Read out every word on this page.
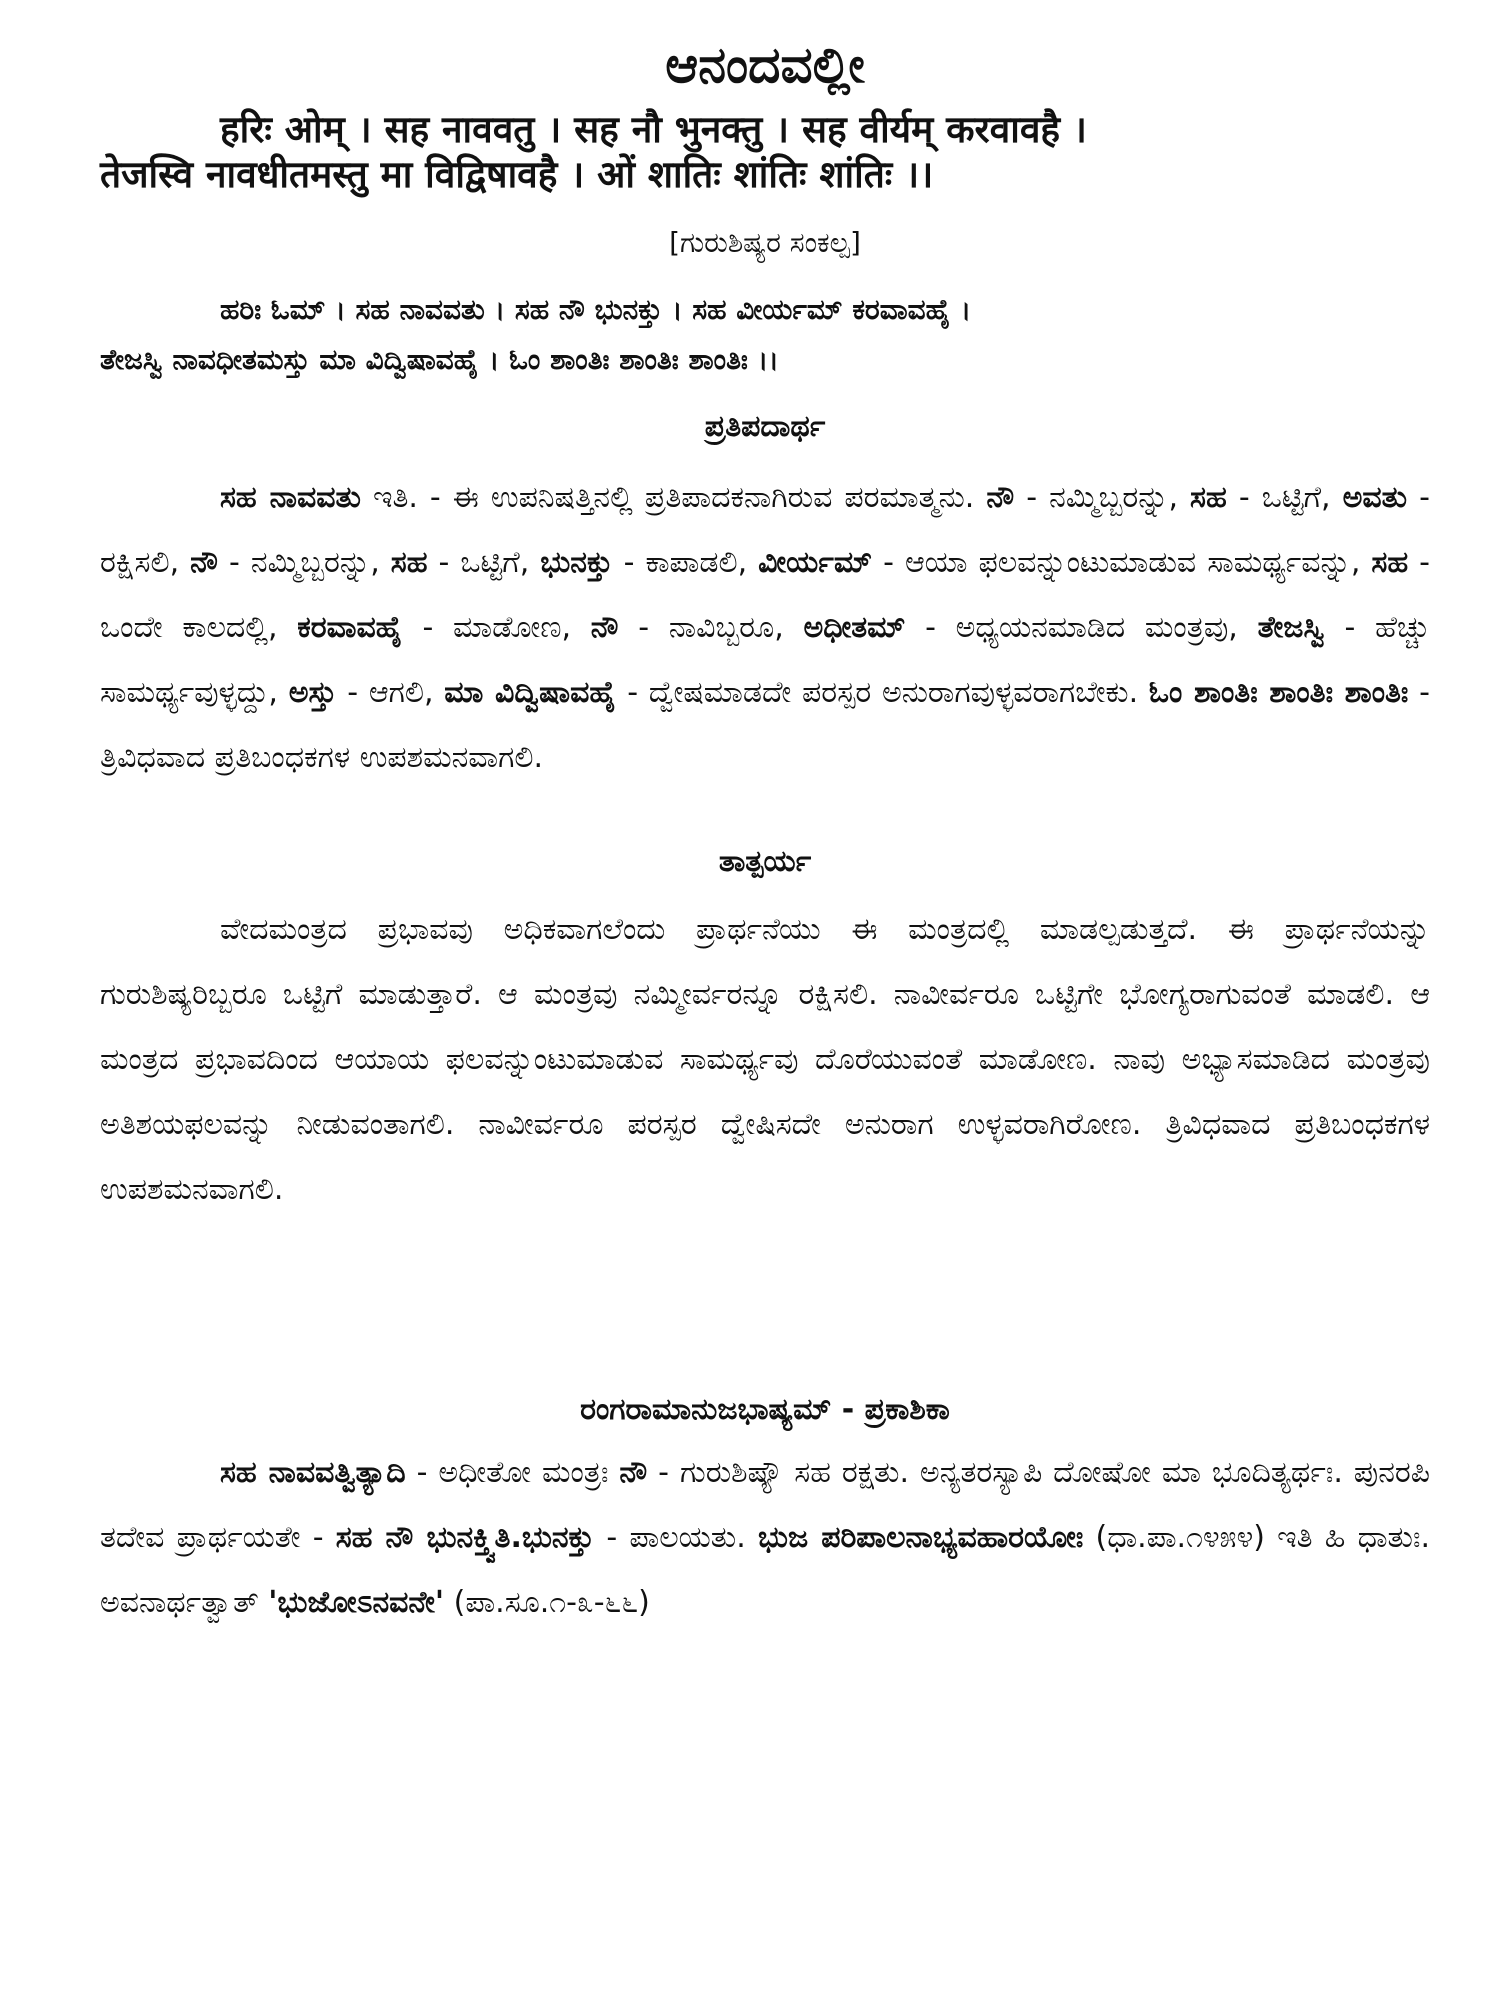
ಆನಂದವಲ್ಲೀ
हरिः ओम् । सह नाववतु । सह नौ भुनक्तु । सह वीर्यम् करवावहै ।
तेजस्वि नावधीतमस्तु मा विद्विषावहै । ओं शातिः शांतिः शांतिः ।।
[ಗುರುಶಿಷ್ಯರ ಸಂಕಲ್ಪ]
ಹರಿಃ ಓಮ್ । ಸಹ ನಾವವತು । ಸಹ ನೌ ಭುನಕ್ತು । ಸಹ ವೀರ್ಯಮ್ ಕರವಾವಹೈ ।
ತೇಜಸ್ವಿ ನಾವಧೀತಮಸ್ತು ಮಾ ವಿದ್ವಿಷಾವಹೈ । ಓಂ ಶಾಂತಿಃ ಶಾಂತಿಃ ಶಾಂತಿಃ ।।
ಪ್ರತಿಪದಾರ್ಥ
ಸಹ ನಾವವತು ಇತಿ. - ಈ ಉಪನಿಷತ್ತಿನಲ್ಲಿ ಪ್ರತಿಪಾದಕನಾಗಿರುವ ಪರಮಾತ್ಮನು. ನೌ - ನಮ್ಮಿಬ್ಬರನ್ನು, ಸಹ - ಒಟ್ಟಿಗೆ, ಅವತು - ರಕ್ಷಿಸಲಿ, ನೌ - ನಮ್ಮಿಬ್ಬರನ್ನು, ಸಹ - ಒಟ್ಟಿಗೆ, ಭುನಕ್ತು - ಕಾಪಾಡಲಿ, ವೀರ್ಯಮ್ - ಆಯಾ ಫಲವನ್ನುಂಟುಮಾಡುವ ಸಾಮರ್ಥ್ಯವನ್ನು, ಸಹ - ಒಂದೇ ಕಾಲದಲ್ಲಿ, ಕರವಾವಹೈ - ಮಾಡೋಣ, ನೌ - ನಾವಿಬ್ಬರೂ, ಅಧೀತಮ್ - ಅಧ್ಯಯನಮಾಡಿದ ಮಂತ್ರವು, ತೇಜಸ್ವಿ - ಹೆಚ್ಚು ಸಾಮರ್ಥ್ಯವುಳ್ಳದ್ದು, ಅಸ್ತು - ಆಗಲಿ, ಮಾ ವಿದ್ವಿಷಾವಹೈ - ದ್ವೇಷಮಾಡದೇ ಪರಸ್ಪರ ಅನುರಾಗವುಳ್ಳವರಾಗಬೇಕು. ಓಂ ಶಾಂತಿಃ ಶಾಂತಿಃ ಶಾಂತಿಃ - ತ್ರಿವಿಧವಾದ ಪ್ರತಿಬಂಧಕಗಳ ಉಪಶಮನವಾಗಲಿ.
ತಾತ್ಪರ್ಯ
ವೇದಮಂತ್ರದ ಪ್ರಭಾವವು ಅಧಿಕವಾಗಲೆಂದು ಪ್ರಾರ್ಥನೆಯು ಈ ಮಂತ್ರದಲ್ಲಿ ಮಾಡಲ್ಪಡುತ್ತದೆ. ಈ ಪ್ರಾರ್ಥನೆಯನ್ನು ಗುರುಶಿಷ್ಯರಿಬ್ಬರೂ ಒಟ್ಟಿಗೆ ಮಾಡುತ್ತಾರೆ. ಆ ಮಂತ್ರವು ನಮ್ಮೀರ್ವರನ್ನೂ ರಕ್ಷಿಸಲಿ. ನಾವೀರ್ವರೂ ಒಟ್ಟಿಗೇ ಭೋಗ್ಯರಾಗುವಂತೆ ಮಾಡಲಿ. ಆ ಮಂತ್ರದ ಪ್ರಭಾವದಿಂದ ಆಯಾಯ ಫಲವನ್ನುಂಟುಮಾಡುವ ಸಾಮರ್ಥ್ಯವು ದೊರೆಯುವಂತೆ ಮಾಡೋಣ. ನಾವು ಅಭ್ಯಾಸಮಾಡಿದ ಮಂತ್ರವು ಅತಿಶಯಫಲವನ್ನು ನೀಡುವಂತಾಗಲಿ. ನಾವೀರ್ವರೂ ಪರಸ್ಪರ ದ್ವೇಷಿಸದೇ ಅನುರಾಗ ಉಳ್ಳವರಾಗಿರೋಣ. ತ್ರಿವಿಧವಾದ ಪ್ರತಿಬಂಧಕಗಳ ಉಪಶಮನವಾಗಲಿ.
ರಂಗರಾಮಾನುಜಭಾಷ್ಯಮ್ - ಪ್ರಕಾಶಿಕಾ
ಸಹ ನಾವವತ್ವಿತ್ಯಾದಿ - ಅಧೀತೋ ಮಂತ್ರಃ ನೌ - ಗುರುಶಿಷ್ಯೌ ಸಹ ರಕ್ಷತು. ಅನ್ಯತರಸ್ಯಾಪಿ ದೋಷೋ ಮಾ ಭೂದಿತ್ಯರ್ಥಃ. ಪುನರಪಿ ತದೇವ ಪ್ರಾರ್ಥಯತೇ - ಸಹ ನೌ ಭುನಕ್ತ್ವಿತಿ.ಭುನಕ್ತು - ಪಾಲಯತು. ಭುಜ ಪರಿಪಾಲನಾಭ್ಯವಹಾರಯೋಃ (ಧಾ.ಪಾ.೧೪೫೪) ಇತಿ ಹಿ ಧಾತುಃ. ಅವನಾರ್ಥತ್ವಾತ್ 'ಭುಜೋಽನವನೇ' (ಪಾ.ಸೂ.೧-೩-೬೬)
